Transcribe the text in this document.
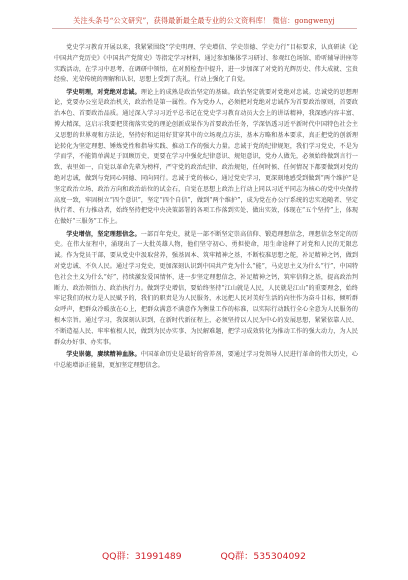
关注头条号“公文研究”，获得最新最全最专业的公文资料库！ 微信：gongwenyj

党史学习教育开展以来，我紧紧围绕“学史明理、学史增信、学史崇德、学史力行”目标要求，认真研读《论中国共产党历史》《中国共产党简史》等指定学习材料，通过参加集体学习研讨、参观红色场馆、聆听辅导讲座等实践活动，在学习中思考、在调研中领悟，在对照检查中提升，进一步加深了对党的光辉历史、伟大成就、宝贵经验、光荣传统的理解和认识，思想上受到了洗礼，行动上强化了自觉。

学史明理，对党绝对忠诚。理论上的成熟是政治坚定的基础。政治坚定就要对党绝对忠诚。忠诚党的思想理论，党要办公室是政治机关，政治性是第一属性。作为党办人，必须把对党绝对忠诚作为首要政治原则，首要政治本色、首要政治品质。通过深入学习习近平总书记在党史学习教育动员大会上的讲话精神，我深感内容丰富、博大精深，这启示我要把贯彻落实党的理论创新成果作为首要政治任务，学深悟透习近平新时代中国特色社会主义思想的世界观和方法论，坚持好和运用好贯穿其中的立场观点方法，基本方略和基本要求，真正把党的创新理论转化为坚定理想、锤炼党性和指导实践、推动工作的强大力量。忠诚于党的纪律规矩，我们学习党史，不是为学而学，不能简单满足于回顾历史，更要在学习中强化纪律意识、规矩意识，党办人做先，必须始终做到言行一致、表里如一，自觉以革命先辈为榜样，严守党的政治纪律、政治规矩，任何时候、任何情况下都要做到对党的绝对忠诚，做到与党同心同德、同向同行。忠诚于党的核心，通过党史学习，更深刻地感受到做到“两个维护”是坚定政治立场、政治方向和政治站位的试金石，自觉在思想上政治上行动上同以习近平同志为核心的党中央保持高度一致，牢固树立“四个意识”，坚定“四个自信”，做到“两个维护”，成为党在办公厅系统的忠实追随者、坚定执行者、有力推动者，始终坚持把党中央决策部署的各项工作落到实处、做出实效，体现在“五个坚持”上，体现在做好“三服务”工作上。

学史增信，坚定理想信念。一部百年党史，就是一部不断坚定崇高信仰、锻造理想信念，理想信念坚定的历史。在伟大征程中，涌现出了一大批英雄人物，他们坚守初心、勇担使命，用生命诠释了对党和人民的无限忠诚。作为党员干部，要从党史中汲取营养，强基固本、筑牢精神之基，不断校准思想之舵，补足精神之钙，做到对党忠诚、不负人民。通过学习党史，更加深刻认识到中国共产党为什么“能”，马克思主义为什么“行”，中国特色社会主义为什么“好”，持续激发爱国情怀，进一步坚定理想信念，补足精神之钙，筑牢信仰之基，提高政治判断力、政治领悟力、政治执行力。做到学史增信，要始终坚持“江山就是人民，人民就是江山”的重要理念，始终牢记我们的权力是人民赋予的，我们的职责是为人民服务，永远把人民对美好生活的向往作为奋斗目标，倾听群众呼声，把群众冷暖放在心上，把群众满意不满意作为衡量工作的标准，以实际行动践行全心全意为人民服务的根本宗旨。通过学习，我深刻认识到，在新时代新征程上，必须坚持以人民为中心的发展思想，紧紧依靠人民、不断造福人民、牢牢植根人民，做到为民办实事、为民解难题，把学习成效转化为推动工作的强大动力，为人民群众办好事、办实事。

学史崇德，赓续精神血脉。中国革命历史是最好的营养剂，要通过学习党领导人民进行革命的伟大历史，心中总能增添正能量，更加坚定理想信念。

QQ群：31991489	QQ群：535304092
